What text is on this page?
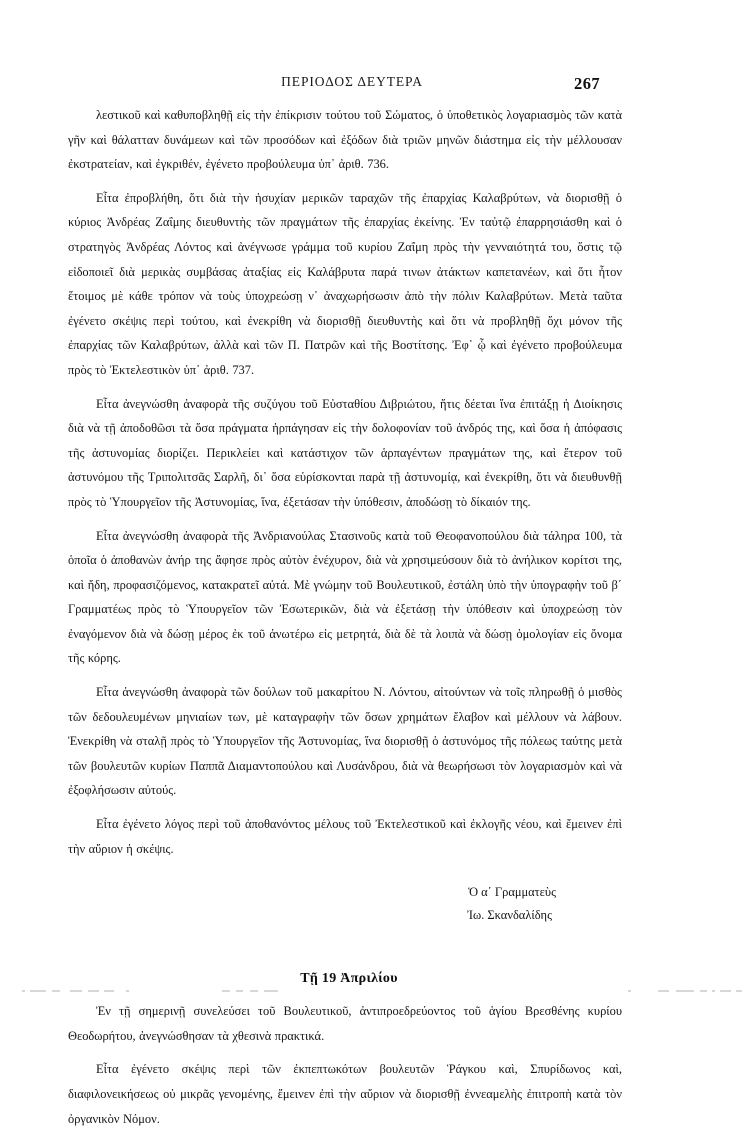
ΠΕΡΙΟΔΟΣ ΔΕΥΤΕΡΑ	267

λεστικοῦ καὶ καθυποβληθῇ εἰς τὴν ἐπίκρισιν τούτου τοῦ Σώματος, ὁ ὑποθετικὸς λογαριασμὸς τῶν κατὰ γῆν καὶ θάλατταν δυνάμεων καὶ τῶν προσόδων καὶ ἐξόδων διὰ τριῶν μηνῶν διάστημα εἰς τὴν μέλλουσαν ἐκστρατείαν, καὶ ἐγκριθέν, ἐγένετο προβούλευμα ὑπ᾿ ἀριθ. 736.

Εἶτα ἐπροβλήθη, ὅτι διὰ τὴν ἡσυχίαν μερικῶν ταραχῶν τῆς ἐπαρχίας Καλαβρύτων, νὰ διορισθῇ ὁ κύριος Ἀνδρέας Ζαΐμης διευθυντὴς τῶν πραγμάτων τῆς ἐπαρχίας ἐκείνης. Ἐν ταὐτῷ ἐπαρρησιάσθη καὶ ὁ στρατηγὸς Ἀνδρέας Λόντος καὶ ἀνέγνωσε γράμμα τοῦ κυρίου Ζαΐμη πρὸς τὴν γενναιότητά του, ὅστις τῷ εἰδοποιεῖ διὰ μερικὰς συμβάσας ἀταξίας εἰς Καλάβρυτα παρά τινων ἀτάκτων καπετανέων, καὶ ὅτι ἦτον ἕτοιμος μὲ κάθε τρόπον νὰ τοὺς ὑποχρεώσῃ ν᾿ ἀναχωρήσωσιν ἀπὸ τὴν πόλιν Καλαβρύτων. Μετὰ ταῦτα ἐγένετο σκέψις περὶ τούτου, καὶ ἐνεκρίθη νὰ διορισθῇ διευθυντὴς καὶ ὅτι νὰ προβληθῇ ὄχι μόνον τῆς ἐπαρχίας τῶν Καλαβρύτων, ἀλλὰ καὶ τῶν Π. Πατρῶν καὶ τῆς Βοστίτσης. Ἐφ᾿ ᾧ καὶ ἐγένετο προβούλευμα πρὸς τὸ Ἐκτελεστικὸν ὑπ᾿ ἀριθ. 737.

Εἶτα ἀνεγνώσθη ἀναφορὰ τῆς συζύγου τοῦ Εὐσταθίου Διβριώτου, ἥτις δέεται ἵνα ἐπιτάξῃ ἡ Διοίκησις διὰ νὰ τῇ ἀποδοθῶσι τὰ ὅσα πράγματα ἡρπάγησαν εἰς τὴν δολοφονίαν τοῦ ἀνδρός της, καὶ ὅσα ἡ ἀπόφασις τῆς ἀστυνομίας διορίζει. Περικλείει καὶ κατάστιχον τῶν ἁρπαγέντων πραγμάτων της, καὶ ἕτερον τοῦ ἀστυνόμου τῆς Τριπολιτσᾶς Σαρλῆ, δι᾿ ὅσα εὑρίσκονται παρὰ τῇ ἀστυνομίᾳ, καὶ ἐνεκρίθη, ὅτι νὰ διευθυνθῇ πρὸς τὸ Ὑπουργεῖον τῆς Ἀστυνομίας, ἵνα, ἐξετάσαν τὴν ὑπόθεσιν, ἀποδώσῃ τὸ δίκαιόν της.

Εἶτα ἀνεγνώσθη ἀναφορὰ τῆς Ἀνδριανούλας Στασινοῦς κατὰ τοῦ Θεοφανοπούλου διὰ τάληρα 100, τὰ ὁποῖα ὁ ἀποθανὼν ἀνήρ της ἄφησε πρὸς αὐτὸν ἐνέχυρον, διὰ νὰ χρησιμεύσουν διὰ τὸ ἀνήλικον κορίτσι της, καὶ ἤδη, προφασιζόμενος, κατακρατεῖ αὐτά. Μὲ γνώμην τοῦ Βουλευτικοῦ, ἐστάλη ὑπὸ τὴν ὑπογραφὴν τοῦ β΄ Γραμματέως πρὸς τὸ Ὑπουργεῖον τῶν Ἐσωτερικῶν, διὰ νὰ ἐξετάσῃ τὴν ὑπόθεσιν καὶ ὑποχρεώσῃ τὸν ἐναγόμενον διὰ νὰ δώσῃ μέρος ἐκ τοῦ ἀνωτέρω εἰς μετρητά, διὰ δὲ τὰ λοιπὰ νὰ δώσῃ ὁμολογίαν εἰς ὄνομα τῆς κόρης.

Εἶτα ἀνεγνώσθη ἀναφορὰ τῶν δούλων τοῦ μακαρίτου Ν. Λόντου, αἰτούντων νὰ τοῖς πληρωθῇ ὁ μισθὸς τῶν δεδουλευμένων μηνιαίων των, μὲ καταγραφὴν τῶν ὅσων χρημάτων ἔλαβον καὶ μέλλουν νὰ λάβουν. Ἐνεκρίθη νὰ σταλῇ πρὸς τὸ Ὑπουργεῖον τῆς Ἀστυνομίας, ἵνα διορισθῇ ὁ ἀστυνόμος τῆς πόλεως ταύτης μετὰ τῶν βουλευτῶν κυρίων Παππᾶ Διαμαντοπούλου καὶ Λυσάνδρου, διὰ νὰ θεωρήσωσι τὸν λογαριασμὸν καὶ νὰ ἐξοφλήσωσιν αὐτούς.

Εἶτα ἐγένετο λόγος περὶ τοῦ ἀποθανόντος μέλους τοῦ Ἐκτελεστικοῦ καὶ ἐκλογῆς νέου, καὶ ἔμεινεν ἐπὶ τὴν αὔριον ἡ σκέψις.

Ὁ α΄ Γραμματεὺς
Ἰω. Σκανδαλίδης
Τῇ 19 Ἀπριλίου

Ἐν τῇ σημερινῇ συνελεύσει τοῦ Βουλευτικοῦ, ἀντιπροεδρεύοντος τοῦ ἁγίου Βρεσθένης κυρίου Θεοδωρήτου, ἀνεγνώσθησαν τὰ χθεσινὰ πρακτικά.

Εἶτα ἐγένετο σκέψις περὶ τῶν ἐκπεπτωκότων βουλευτῶν Ῥάγκου καὶ, Σπυρίδωνος καὶ, διαφιλονεικήσεως οὐ μικρᾶς γενομένης, ἔμεινεν ἐπὶ τὴν αὔριον νὰ διορισθῇ ἐννεαμελὴς ἐπιτροπὴ κατὰ τὸν ὀργανικὸν Νόμον.
